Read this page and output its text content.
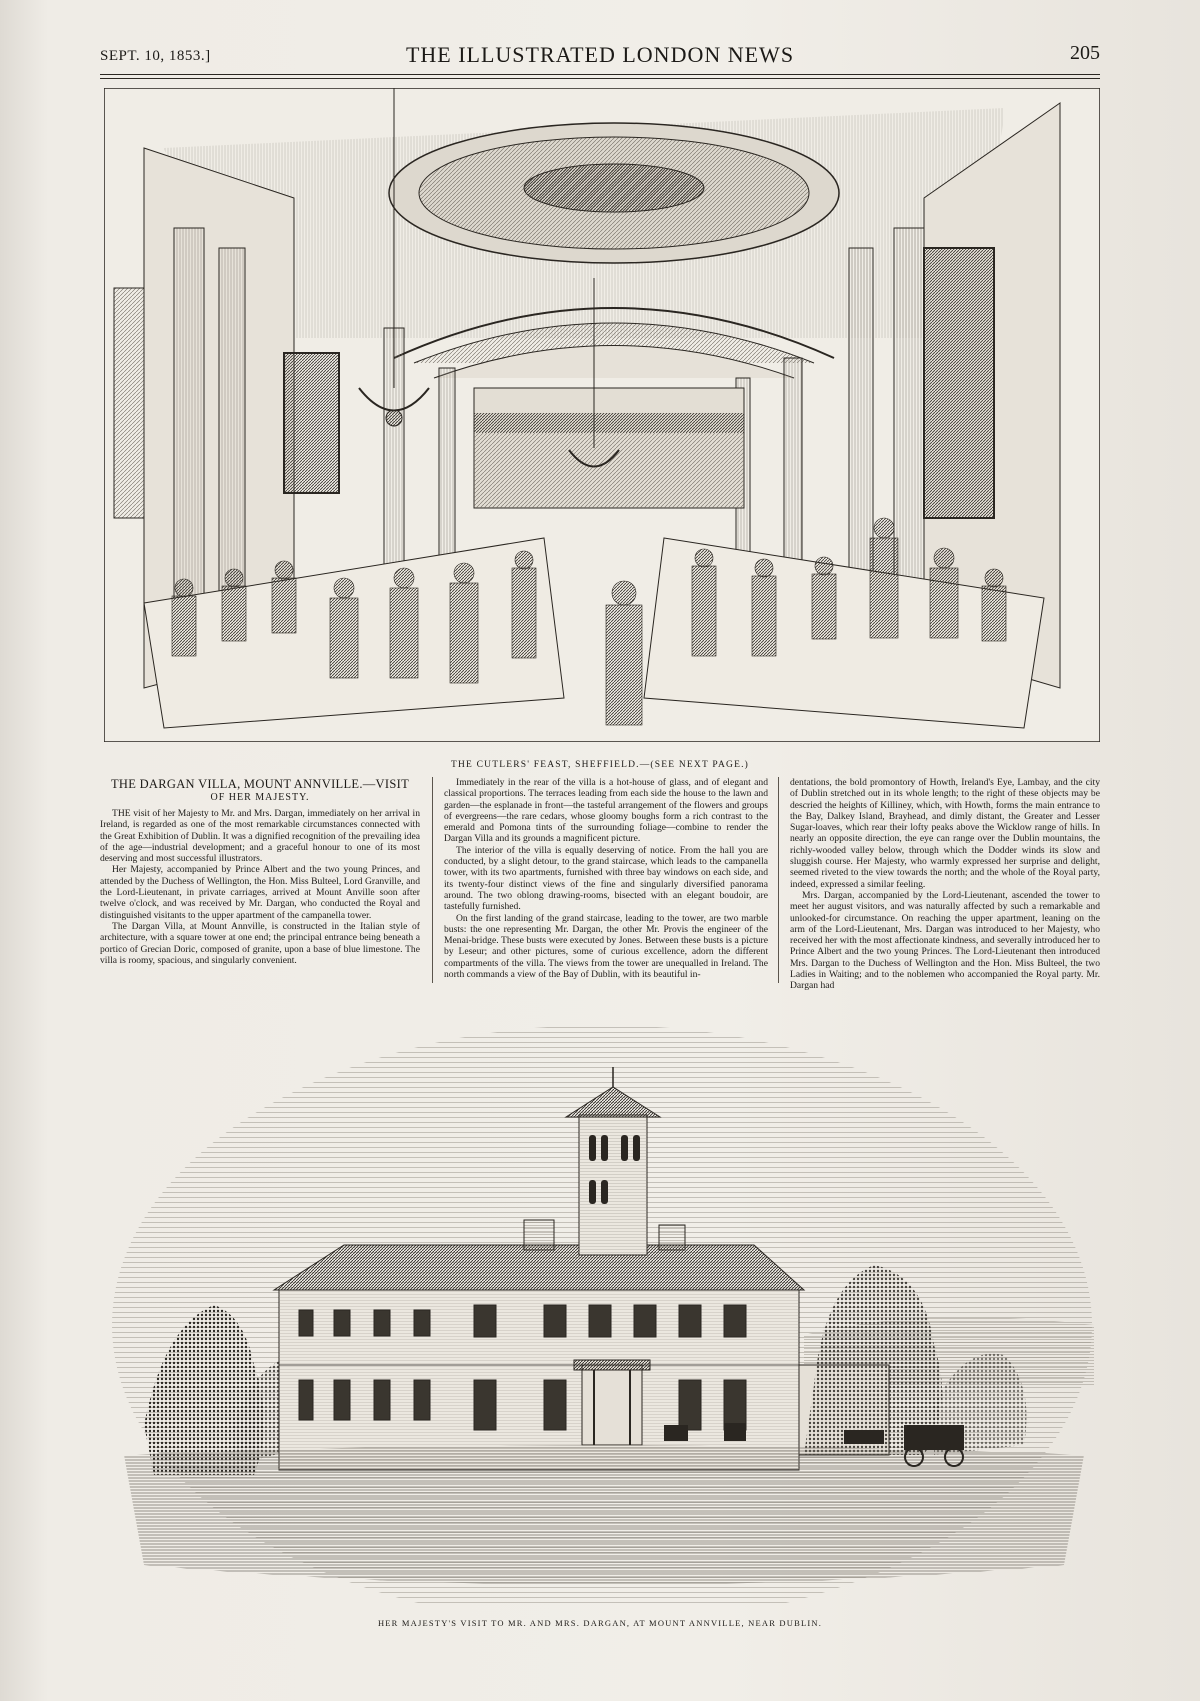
SEPT. 10, 1853.]	THE ILLUSTRATED LONDON NEWS	205
THE CUTLERS' FEAST, SHEFFIELD.—(SEE NEXT PAGE.)
THE DARGAN VILLA, MOUNT ANNVILLE.—VISIT
OF HER MAJESTY.

THE visit of her Majesty to Mr. and Mrs. Dargan, immediately on her arrival in Ireland, is regarded as one of the most remarkable circumstances connected with the Great Exhibition of Dublin. It was a dignified recognition of the prevailing idea of the age—industrial development; and a graceful honour to one of its most deserving and most successful illustrators.

Her Majesty, accompanied by Prince Albert and the two young Princes, and attended by the Duchess of Wellington, the Hon. Miss Bulteel, Lord Granville, and the Lord-Lieutenant, in private carriages, arrived at Mount Anville soon after twelve o'clock, and was received by Mr. Dargan, who conducted the Royal and distinguished visitants to the upper apartment of the campanella tower.

The Dargan Villa, at Mount Annville, is constructed in the Italian style of architecture, with a square tower at one end; the principal entrance being beneath a portico of Grecian Doric, composed of granite, upon a base of blue limestone. The villa is roomy, spacious, and singularly convenient.

Immediately in the rear of the villa is a hot-house of glass, and of elegant and classical proportions. The terraces leading from each side the house to the lawn and garden—the esplanade in front—the tasteful arrangement of the flowers and groups of evergreens—the rare cedars, whose gloomy boughs form a rich contrast to the emerald and Pomona tints of the surrounding foliage—combine to render the Dargan Villa and its grounds a magnificent picture.

The interior of the villa is equally deserving of notice. From the hall you are conducted, by a slight detour, to the grand staircase, which leads to the campanella tower, with its two apartments, furnished with three bay windows on each side, and its twenty-four distinct views of the fine and singularly diversified panorama around. The two oblong drawing-rooms, bisected with an elegant boudoir, are tastefully furnished.

On the first landing of the grand staircase, leading to the tower, are two marble busts: the one representing Mr. Dargan, the other Mr. Provis the engineer of the Menai-bridge. These busts were executed by Jones. Between these busts is a picture by Leseur; and other pictures, some of curious excellence, adorn the different compartments of the villa. The views from the tower are unequalled in Ireland. The north commands a view of the Bay of Dublin, with its beautiful in-

dentations, the bold promontory of Howth, Ireland's Eye, Lambay, and the city of Dublin stretched out in its whole length; to the right of these objects may be descried the heights of Killiney, which, with Howth, forms the main entrance to the Bay, Dalkey Island, Brayhead, and dimly distant, the Greater and Lesser Sugar-loaves, which rear their lofty peaks above the Wicklow range of hills. In nearly an opposite direction, the eye can range over the Dublin mountains, the richly-wooded valley below, through which the Dodder winds its slow and sluggish course. Her Majesty, who warmly expressed her surprise and delight, seemed riveted to the view towards the north; and the whole of the Royal party, indeed, expressed a similar feeling.

Mrs. Dargan, accompanied by the Lord-Lieutenant, ascended the tower to meet her august visitors, and was naturally affected by such a remarkable and unlooked-for circumstance. On reaching the upper apartment, leaning on the arm of the Lord-Lieutenant, Mrs. Dargan was introduced to her Majesty, who received her with the most affectionate kindness, and severally introduced her to Prince Albert and the two young Princes. The Lord-Lieutenant then introduced Mrs. Dargan to the Duchess of Wellington and the Hon. Miss Bulteel, the two Ladies in Waiting; and to the noblemen who accompanied the Royal party. Mr. Dargan had

HER MAJESTY'S VISIT TO MR. AND MRS. DARGAN, AT MOUNT ANNVILLE, NEAR DUBLIN.
